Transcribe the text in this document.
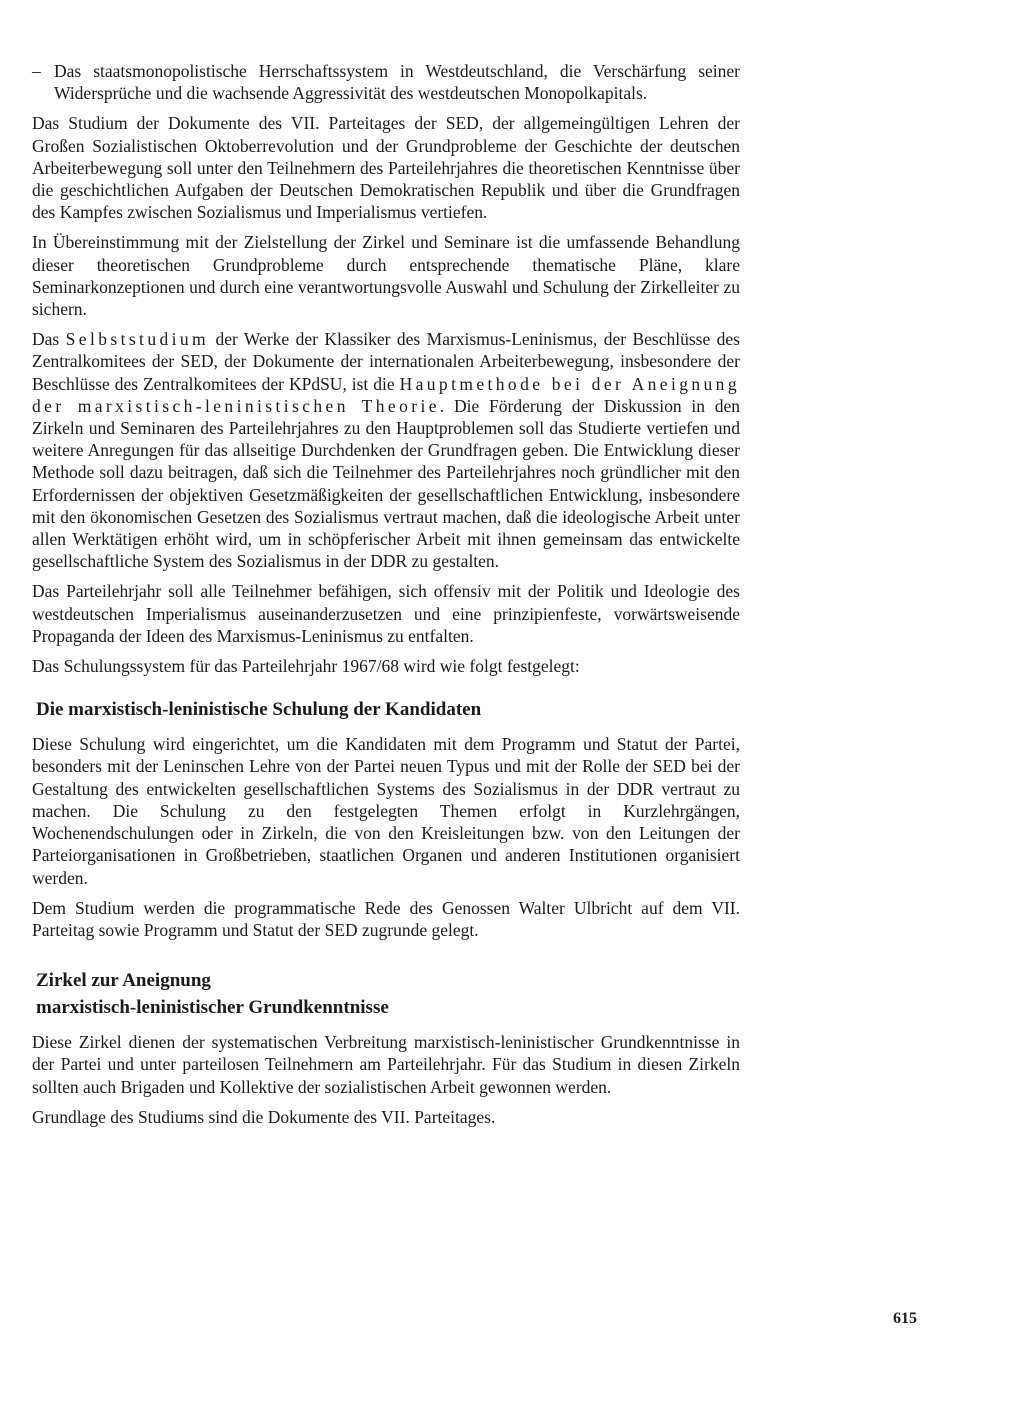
– Das staatsmonopolistische Herrschaftssystem in Westdeutschland, die Verschärfung seiner Widersprüche und die wachsende Aggressivität des westdeutschen Monopolkapitals.

Das Studium der Dokumente des VII. Parteitages der SED, der allgemeingültigen Lehren der Großen Sozialistischen Oktoberrevolution und der Grundprobleme der Geschichte der deutschen Arbeiterbewegung soll unter den Teilnehmern des Parteilehrjahres die theoretischen Kenntnisse über die geschichtlichen Aufgaben der Deutschen Demokratischen Republik und über die Grundfragen des Kampfes zwischen Sozialismus und Imperialismus vertiefen.

In Übereinstimmung mit der Zielstellung der Zirkel und Seminare ist die umfassende Behandlung dieser theoretischen Grundprobleme durch entsprechende thematische Pläne, klare Seminarkonzeptionen und durch eine verantwortungsvolle Auswahl und Schulung der Zirkelleiter zu sichern.

Das Selbststudium der Werke der Klassiker des Marxismus-Leninismus, der Beschlüsse des Zentralkomitees der SED, der Dokumente der internationalen Arbeiterbewegung, insbesondere der Beschlüsse des Zentralkomitees der KPdSU, ist die Hauptmethode bei der Aneignung der marxistisch-leninistischen Theorie. Die Förderung der Diskussion in den Zirkeln und Seminaren des Parteilehrjahres zu den Hauptproblemen soll das Studierte vertiefen und weitere Anregungen für das allseitige Durchdenken der Grundfragen geben. Die Entwicklung dieser Methode soll dazu beitragen, daß sich die Teilnehmer des Parteilehrjahres noch gründlicher mit den Erfordernissen der objektiven Gesetzmäßigkeiten der gesellschaftlichen Entwicklung, insbesondere mit den ökonomischen Gesetzen des Sozialismus vertraut machen, daß die ideologische Arbeit unter allen Werktätigen erhöht wird, um in schöpferischer Arbeit mit ihnen gemeinsam das entwickelte gesellschaftliche System des Sozialismus in der DDR zu gestalten.

Das Parteilehrjahr soll alle Teilnehmer befähigen, sich offensiv mit der Politik und Ideologie des westdeutschen Imperialismus auseinanderzusetzen und eine prinzipienfeste, vorwärtsweisende Propaganda der Ideen des Marxismus-Leninismus zu entfalten.

Das Schulungssystem für das Parteilehrjahr 1967/68 wird wie folgt festgelegt:

Die marxistisch-leninistische Schulung der Kandidaten

Diese Schulung wird eingerichtet, um die Kandidaten mit dem Programm und Statut der Partei, besonders mit der Leninschen Lehre von der Partei neuen Typus und mit der Rolle der SED bei der Gestaltung des entwickelten gesellschaftlichen Systems des Sozialismus in der DDR vertraut zu machen. Die Schulung zu den festgelegten Themen erfolgt in Kurzlehrgängen, Wochenendschulungen oder in Zirkeln, die von den Kreisleitungen bzw. von den Leitungen der Parteiorganisationen in Großbetrieben, staatlichen Organen und anderen Institutionen organisiert werden.

Dem Studium werden die programmatische Rede des Genossen Walter Ulbricht auf dem VII. Parteitag sowie Programm und Statut der SED zugrunde gelegt.

Zirkel zur Aneignung
marxistisch-leninistischer Grundkenntnisse

Diese Zirkel dienen der systematischen Verbreitung marxistisch-leninistischer Grundkenntnisse in der Partei und unter parteilosen Teilnehmern am Parteilehrjahr. Für das Studium in diesen Zirkeln sollten auch Brigaden und Kollektive der sozialistischen Arbeit gewonnen werden.

Grundlage des Studiums sind die Dokumente des VII. Parteitages.

615
